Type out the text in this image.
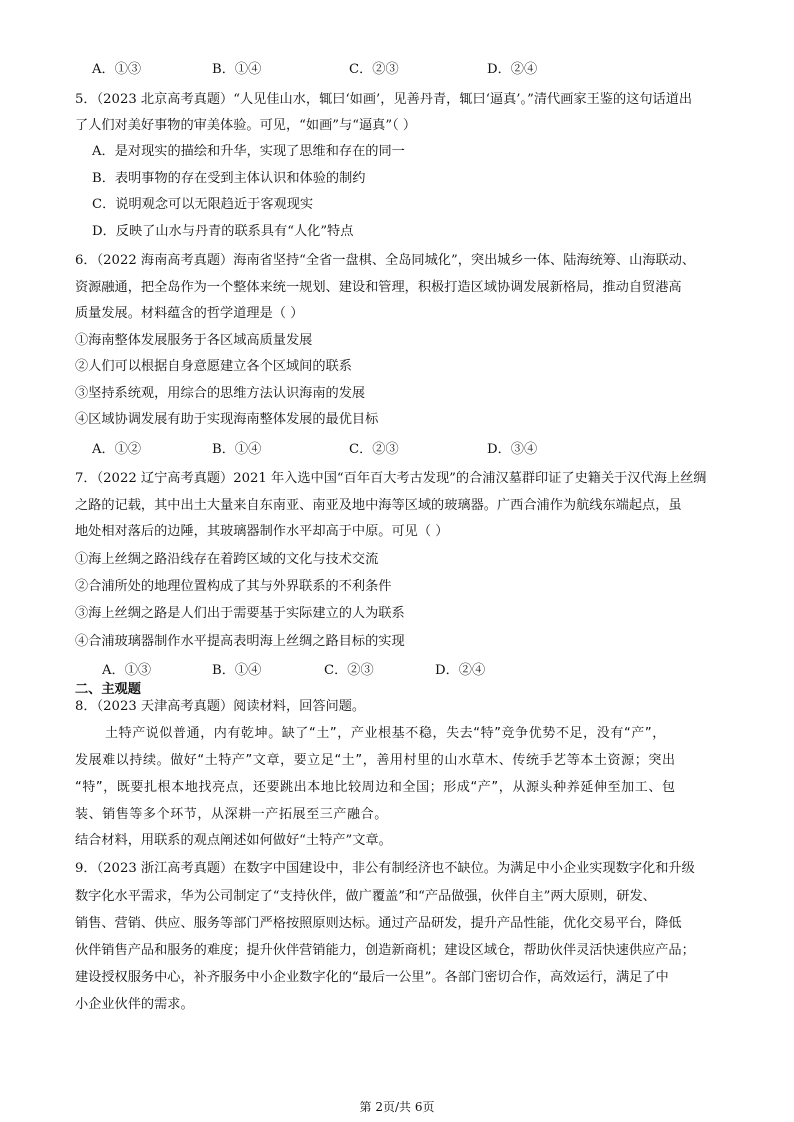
A．①③	B．①④	C．②③	D．②④
5．（2023 北京高考真题）“人见佳山水，辄曰‘如画’，见善丹青，辄曰‘逼真’。”清代画家王鉴的这句话道出
了人们对美好事物的审美体验。可见，“如画”与“逼真”（ ）
A．是对现实的描绘和升华，实现了思维和存在的同一
B．表明事物的存在受到主体认识和体验的制约
C．说明观念可以无限趋近于客观现实
D．反映了山水与丹青的联系具有“人化”特点
6．（2022 海南高考真题）海南省坚持“全省一盘棋、全岛同城化”，突出城乡一体、陆海统筹、山海联动、
资源融通，把全岛作为一个整体来统一规划、建设和管理，积极打造区域协调发展新格局，推动自贸港高
质量发展。材料蕴含的哲学道理是（ ）
①海南整体发展服务于各区域高质量发展
②人们可以根据自身意愿建立各个区域间的联系
③坚持系统观，用综合的思维方法认识海南的发展
④区域协调发展有助于实现海南整体发展的最优目标
A．①②	B．①④	C．②③	D．③④
7．（2022 辽宁高考真题）2021 年入选中国“百年百大考古发现”的合浦汉墓群印证了史籍关于汉代海上丝绸
之路的记载，其中出土大量来自东南亚、南亚及地中海等区域的玻璃器。广西合浦作为航线东端起点，虽
地处相对落后的边陲，其玻璃器制作水平却高于中原。可见（ ）
①海上丝绸之路沿线存在着跨区域的文化与技术交流
②合浦所处的地理位置构成了其与外界联系的不利条件
③海上丝绸之路是人们出于需要基于实际建立的人为联系
④合浦玻璃器制作水平提高表明海上丝绸之路目标的实现
A．①③	B．①④	C．②③	D．②④
二、主观题
8．（2023 天津高考真题）阅读材料，回答问题。
土特产说似普通，内有乾坤。缺了“土”，产业根基不稳，失去“特”竞争优势不足，没有“产”，
发展难以持续。做好“土特产”文章，要立足“土”，善用村里的山水草木、传统手艺等本土资源；突出
“特”，既要扎根本地找亮点，还要跳出本地比较周边和全国；形成“产”，从源头种养延伸至加工、包
装、销售等多个环节，从深耕一产拓展至三产融合。
结合材料，用联系的观点阐述如何做好“土特产”文章。
9．（2023 浙江高考真题）在数字中国建设中，非公有制经济也不缺位。为满足中小企业实现数字化和升级
数字化水平需求，华为公司制定了“支持伙伴，做广覆盖”和“产品做强，伙伴自主”两大原则，研发、
销售、营销、供应、服务等部门严格按照原则达标。通过产品研发，提升产品性能，优化交易平台，降低
伙伴销售产品和服务的难度；提升伙伴营销能力，创造新商机；建设区域仓，帮助伙伴灵活快速供应产品；
建设授权服务中心，补齐服务中小企业数字化的“最后一公里”。各部门密切合作，高效运行，满足了中
小企业伙伴的需求。
第 2页/共 6页
